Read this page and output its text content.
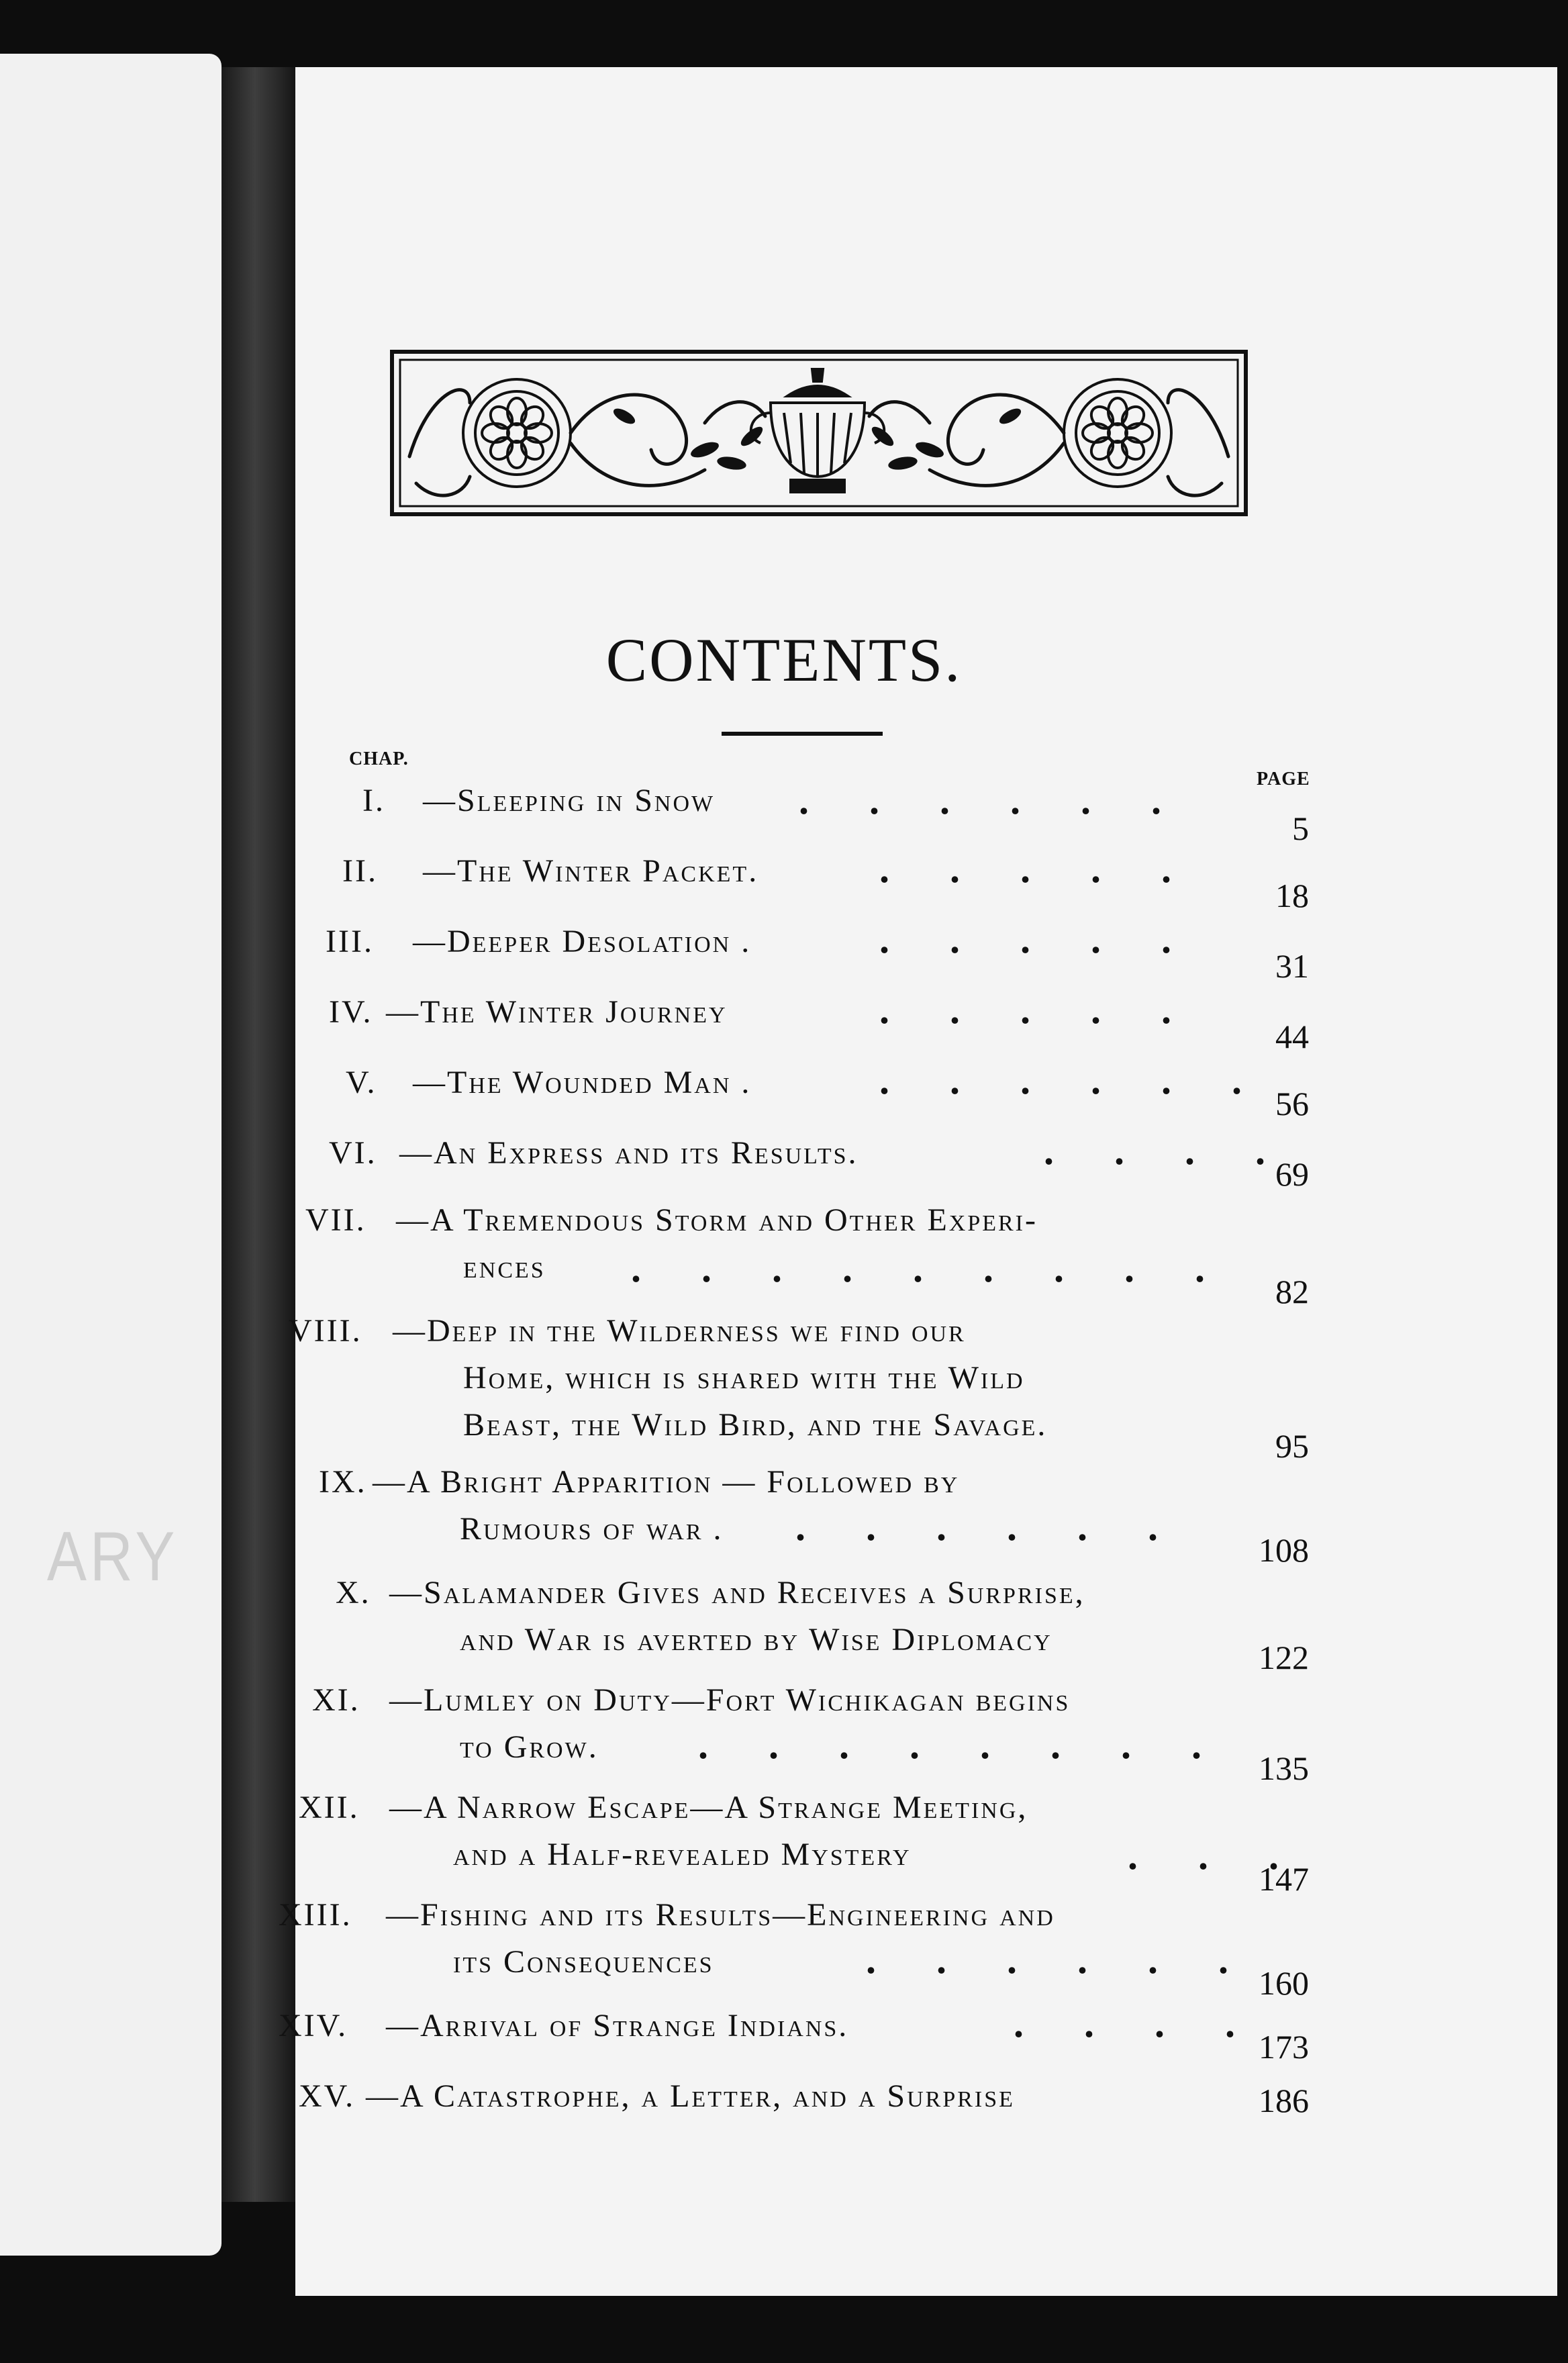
ARY
CONTENTS.
CHAP.
PAGE
I. —Sleeping in Snow .  .  .  .  .  .
5
II. —The Winter Packet.	.  .  .  .  .
18
III. —Deeper Desolation .	.  .  .  .  .
31
IV. —The Winter Journey	.  .  .  .  .
44
V. —The Wounded Man .	.  .  .  .  .  .
56
VI. —An Express and its Results.	.  .  .  .
69
VII. —A Tremendous Storm and Other Experi-
ences .  .  .  .  .  .  .  .  .
82
VIII. —Deep in the Wilderness we find our
Home, which is shared with the Wild
Beast, the Wild Bird, and the Savage.
95
IX. —A Bright Apparition — Followed by
Rumours of war . .  .  .  .  .  .
108
X. —Salamander Gives and Receives a Surprise,
and War is averted by Wise Diplomacy	122
XI. —Lumley on Duty—Fort Wichikagan begins
to Grow. .  .  .  .  .  .  .  .
135
XII. —A Narrow Escape—A Strange Meeting,
and a Half-revealed Mystery	.  .  .
147
XIII. —Fishing and its Results—Engineering and
its Consequences	.  .  .  .  .  .
160
XIV. —Arrival of Strange Indians.	.  .  .  .
173
XV. —A Catastrophe, a Letter, and a Surprise	186
